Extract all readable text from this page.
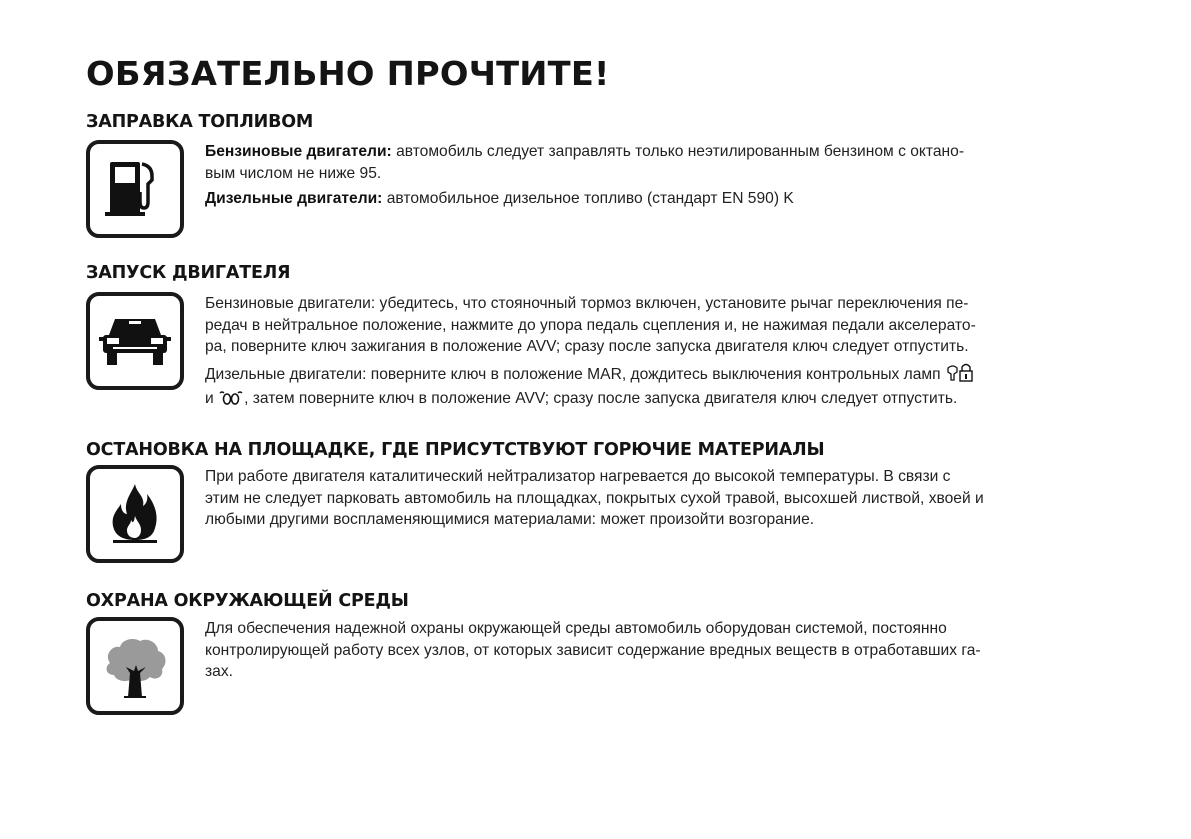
ОБЯЗАТЕЛЬНО ПРОЧТИТЕ!
ЗАПРАВКА ТОПЛИВОМ

Бензиновые двигатели: автомобиль следует заправлять только неэтилированным бензином с октано-
вым числом не ниже 95.

Дизельные двигатели: автомобильное дизельное топливо (стандарт EN 590) K

ЗАПУСК ДВИГАТЕЛЯ

Бензиновые двигатели: убедитесь, что стояночный тормоз включен, установите рычаг переключения пе-
редач в нейтральное положение, нажмите до упора педаль сцепления и, не нажимая педали акселерато-
ра, поверните ключ зажигания в положение AVV; сразу после запуска двигателя ключ следует отпустить.

Дизельные двигатели: поверните ключ в положение MAR, дождитесь выключения контрольных ламп
и , затем поверните ключ в положение AVV; сразу после запуска двигателя ключ следует отпустить.

ОСТАНОВКА НА ПЛОЩАДКЕ, ГДЕ ПРИСУТСТВУЮТ ГОРЮЧИЕ МАТЕРИАЛЫ

При работе двигателя каталитический нейтрализатор нагревается до высокой температуры. В связи с
этим не следует парковать автомобиль на площадках, покрытых сухой травой, высохшей листвой, хвоей и
любыми другими воспламеняющимися материалами: может произойти возгорание.

ОХРАНА ОКРУЖАЮЩЕЙ СРЕДЫ

Для обеспечения надежной охраны окружающей среды автомобиль оборудован системой, постоянно
контролирующей работу всех узлов, от которых зависит содержание вредных веществ в отработавших га-
зах.
